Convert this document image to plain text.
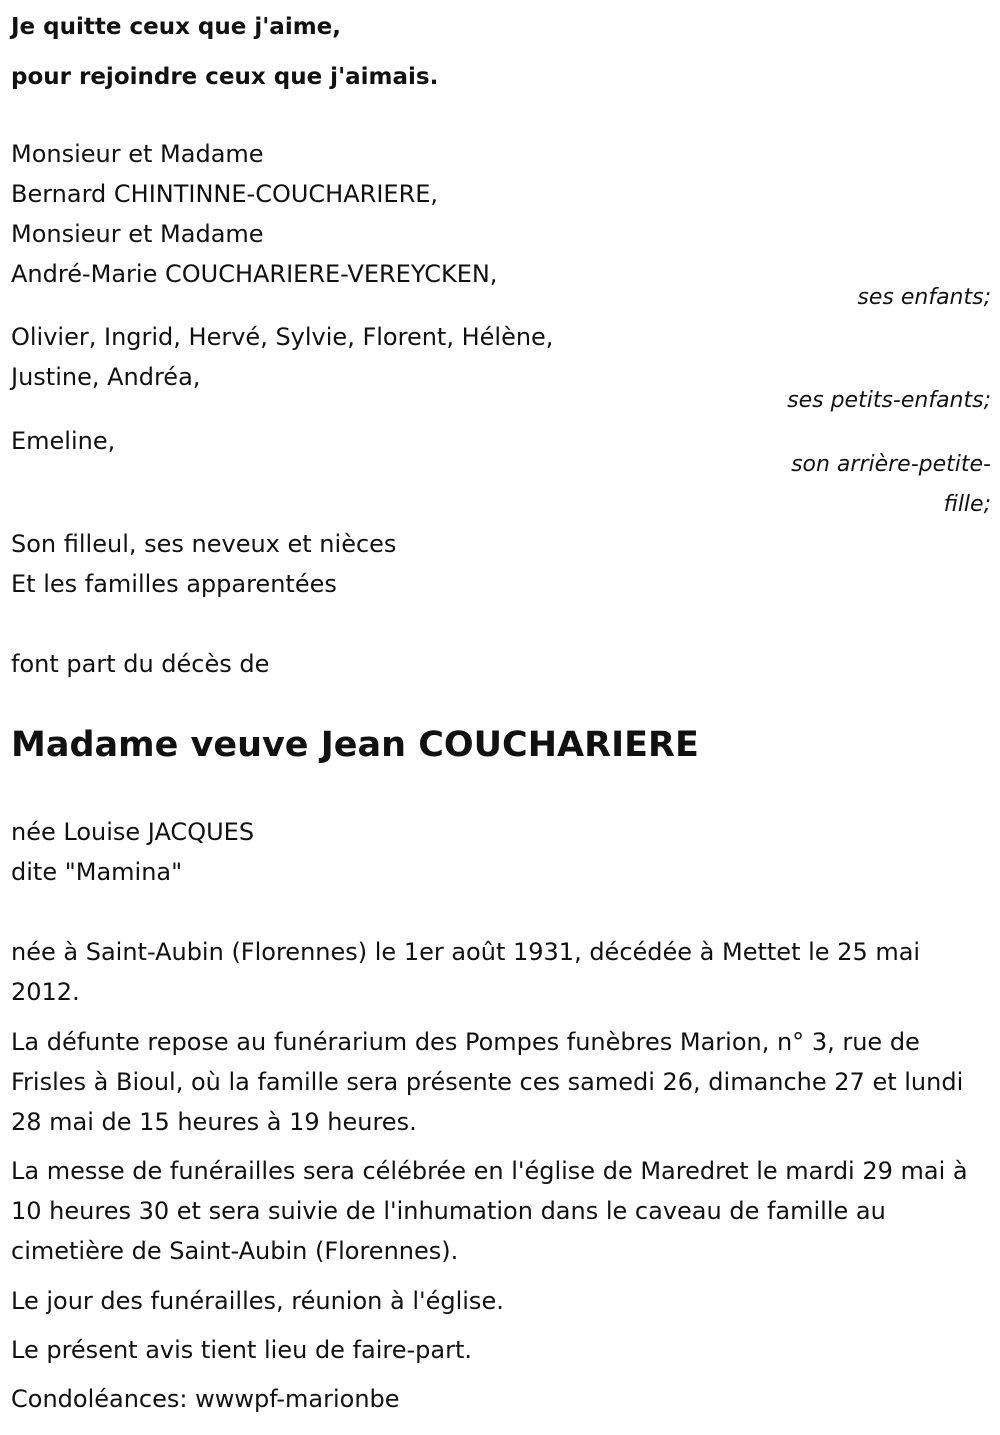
Je quitte ceux que j'aime,
pour rejoindre ceux que j'aimais.
Monsieur et Madame
Bernard CHINTINNE-COUCHARIERE,
Monsieur et Madame
André-Marie COUCHARIERE-VEREYCKEN,
ses enfants;
Olivier, Ingrid, Hervé, Sylvie, Florent, Hélène,
Justine, Andréa,
ses petits-enfants;
Emeline,
son arrière-petite-
fille;
Son filleul, ses neveux et nièces
Et les familles apparentées
font part du décès de
Madame veuve Jean COUCHARIERE
née Louise JACQUES
dite "Mamina"

née à Saint-Aubin (Florennes) le 1er août 1931, décédée à Mettet le 25 mai 2012.

La défunte repose au funérarium des Pompes funèbres Marion, n° 3, rue de Frisles à Bioul, où la famille sera présente ces samedi 26, dimanche 27 et lundi 28 mai de 15 heures à 19 heures.

La messe de funérailles sera célébrée en l'église de Maredret le mardi 29 mai à 10 heures 30 et sera suivie de l'inhumation dans le caveau de famille au cimetière de Saint-Aubin (Florennes).

Le jour des funérailles, réunion à l'église.

Le présent avis tient lieu de faire-part.

Condoléances: wwwpf-marionbe
